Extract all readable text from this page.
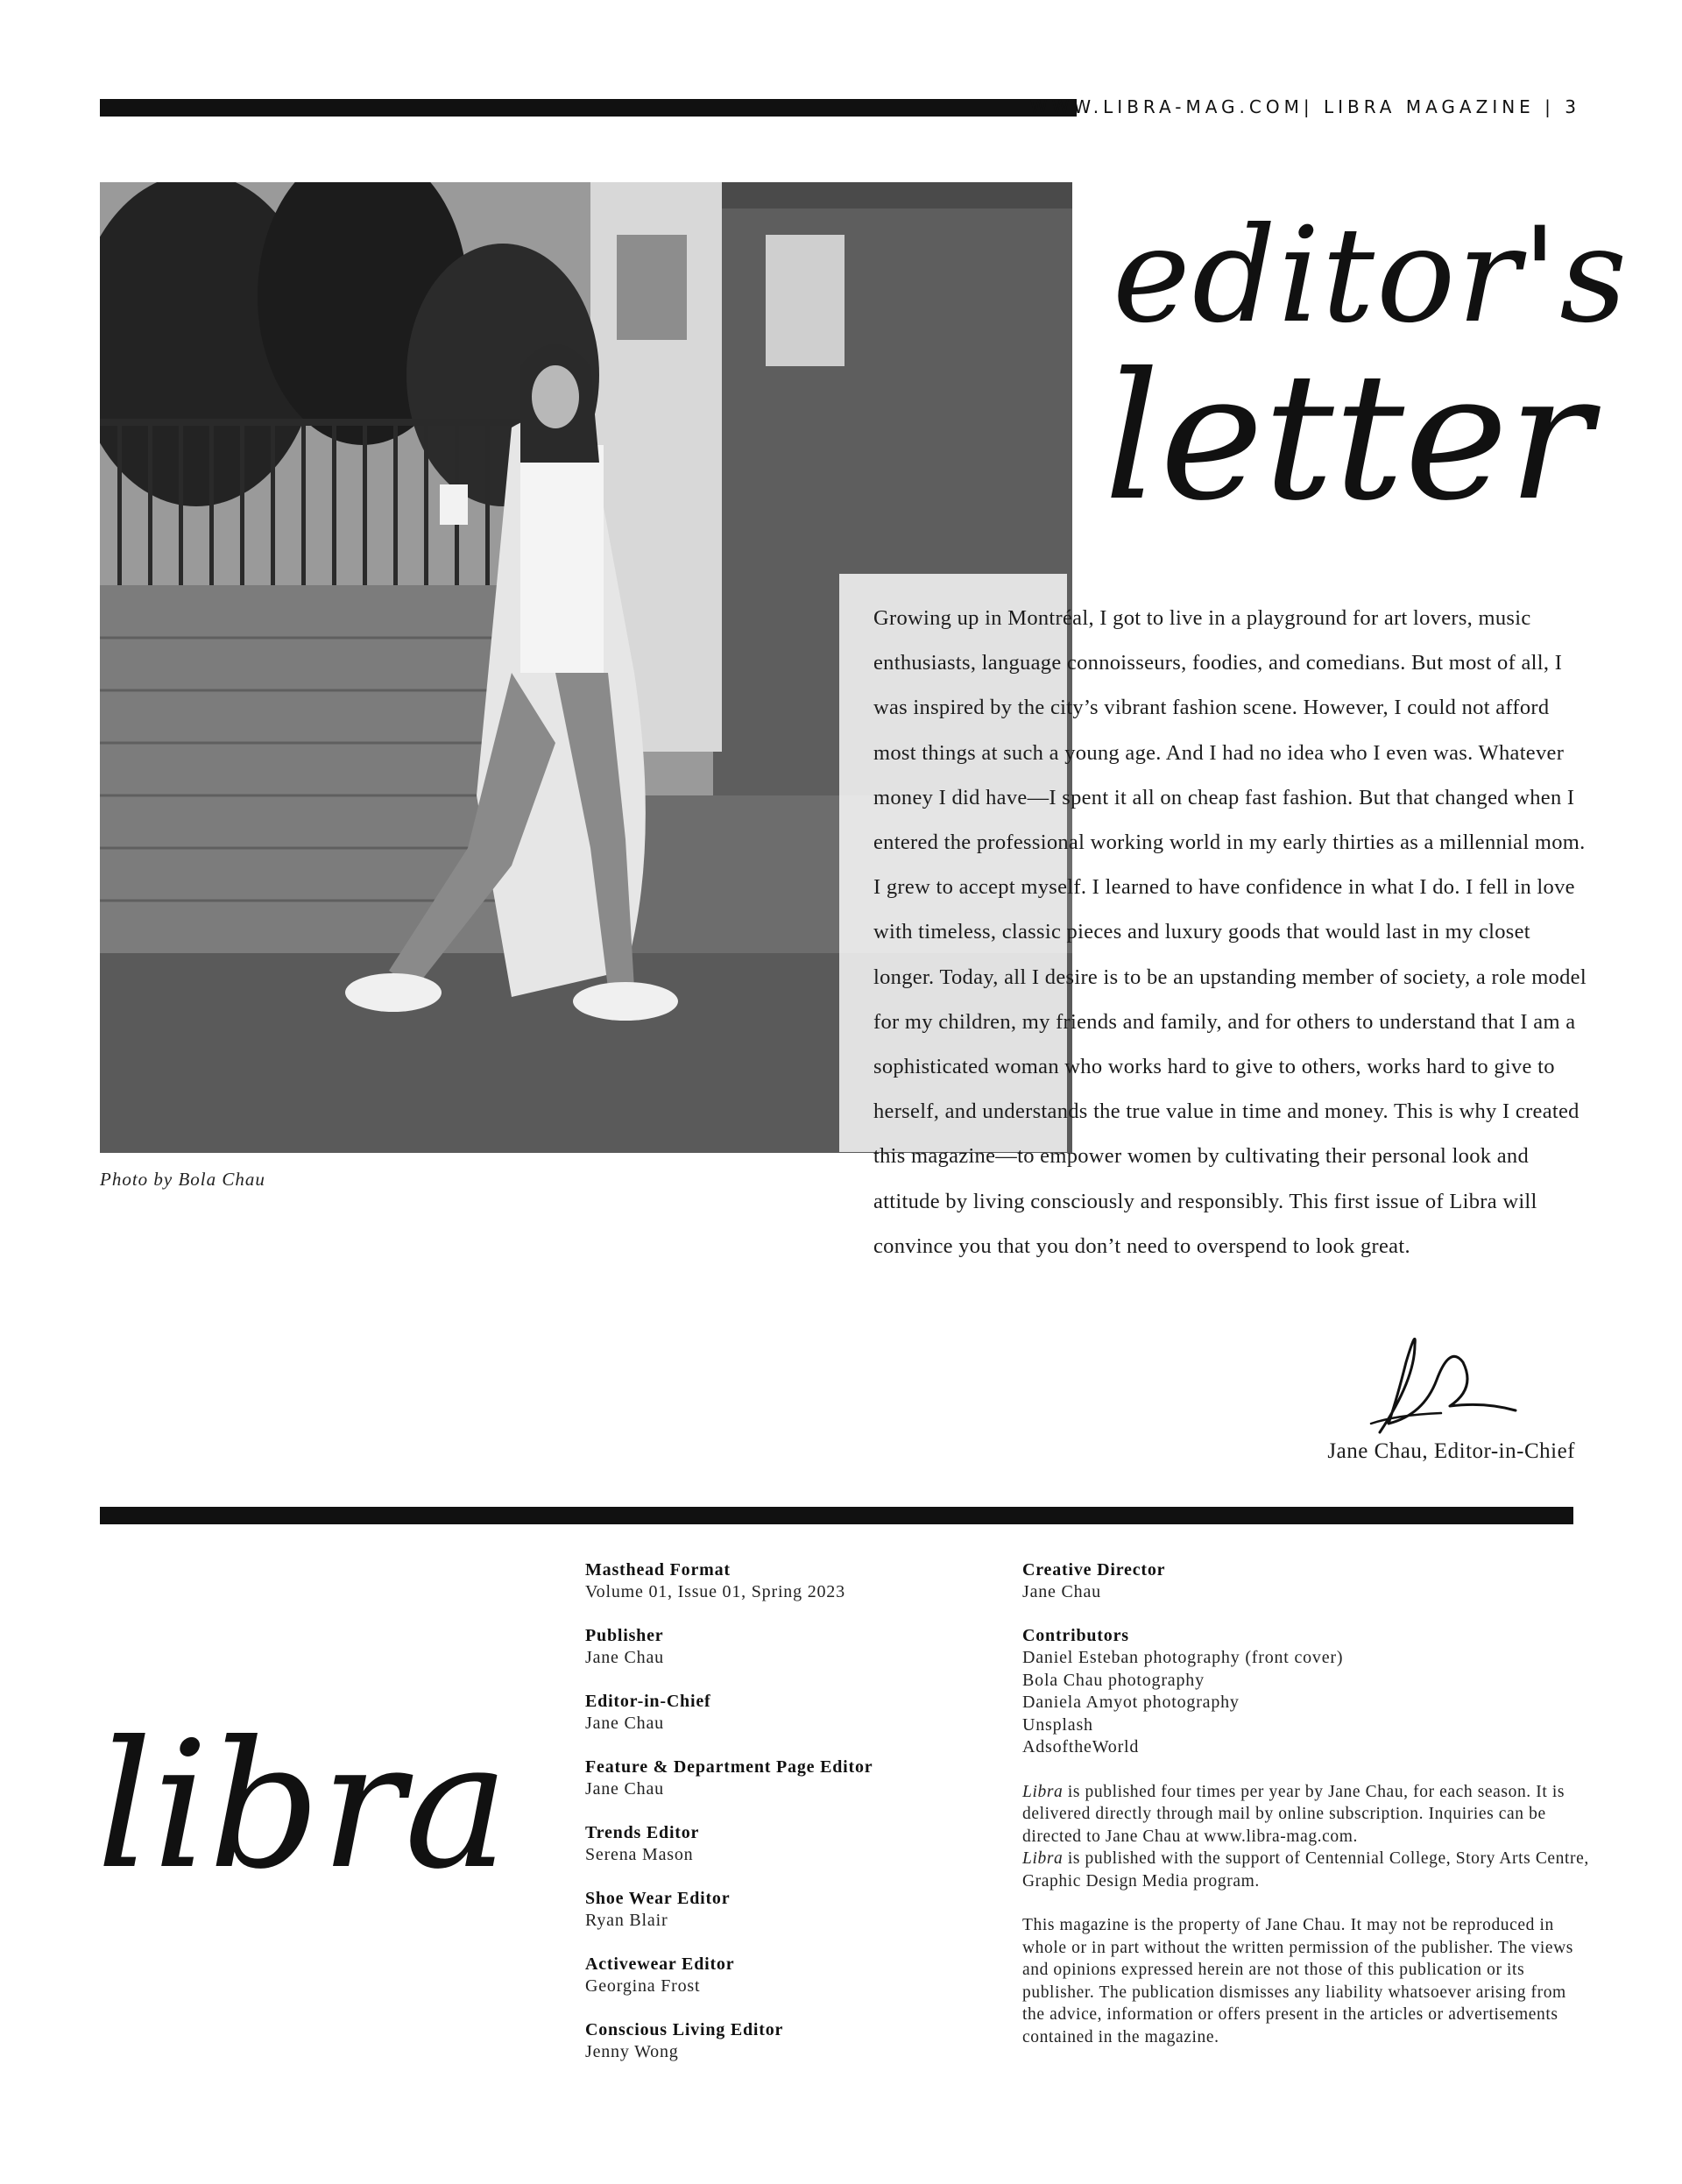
WWW.LIBRA-MAG.COM| LIBRA MAGAZINE | 3
Photo by Bola Chau
editor's
letter
Growing up in Montréal, I got to live in a playground for art lovers, music enthusiasts, language connoisseurs, foodies, and comedians. But most of all, I was inspired by the city’s vibrant fashion scene. However, I could not afford most things at such a young age. And I had no idea who I even was. Whatever money I did have—I spent it all on cheap fast fashion. But that changed when I entered the professional working world in my early thirties as a millennial mom. I grew to accept myself. I learned to have confidence in what I do. I fell in love with timeless, classic pieces and luxury goods that would last in my closet longer. Today, all I desire is to be an upstanding member of society, a role model for my children, my friends and family, and for others to understand that I am a sophisticated woman who works hard to give to others, works hard to give to herself, and understands the true value in time and money. This is why I created this magazine—to empower women by cultivating their personal look and attitude by living consciously and responsibly. This first issue of Libra will convince you that you don’t need to overspend to look great.
Jane Chau, Editor-in-Chief
libra
Masthead Format
Volume 01, Issue 01, Spring 2023
Publisher
Jane Chau
Editor-in-Chief
Jane Chau
Feature & Department Page Editor
Jane Chau
Trends Editor
Serena Mason
Shoe Wear Editor
Ryan Blair
Activewear Editor
Georgina Frost
Conscious Living Editor
Jenny Wong
Creative Director
Jane Chau
Contributors
Daniel Esteban photography (front cover)
Bola Chau photography
Daniela Amyot photography
Unsplash
AdsoftheWorld
Libra is published four times per year by Jane Chau, for each season. It is delivered directly through mail by online subscription. Inquiries can be directed to Jane Chau at www.libra-mag.com.
Libra is published with the support of Centennial College, Story Arts Centre, Graphic Design Media program.
This magazine is the property of Jane Chau. It may not be reproduced in whole or in part without the written permission of the publisher. The views and opinions expressed herein are not those of this publication or its publisher. The publication dismisses any liability whatsoever arising from the advice, information or offers present in the articles or advertisements contained in the magazine.
